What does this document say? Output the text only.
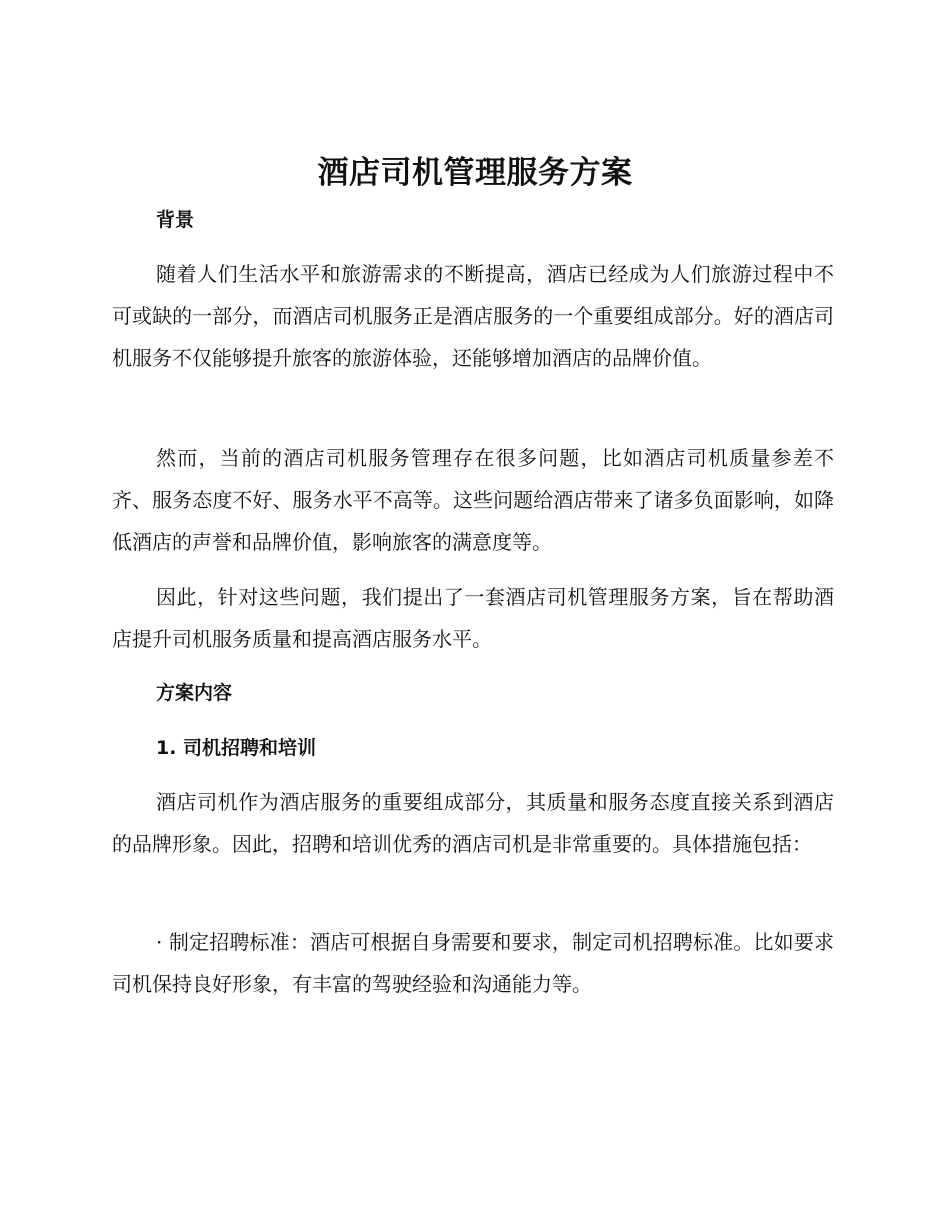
酒店司机管理服务方案
背景

随着人们生活水平和旅游需求的不断提高，酒店已经成为人们旅游过程中不可或缺的一部分，而酒店司机服务正是酒店服务的一个重要组成部分。好的酒店司机服务不仅能够提升旅客的旅游体验，还能够增加酒店的品牌价值。

然而，当前的酒店司机服务管理存在很多问题，比如酒店司机质量参差不齐、服务态度不好、服务水平不高等。这些问题给酒店带来了诸多负面影响，如降低酒店的声誉和品牌价值，影响旅客的满意度等。

因此，针对这些问题，我们提出了一套酒店司机管理服务方案，旨在帮助酒店提升司机服务质量和提高酒店服务水平。

方案内容
1. 司机招聘和培训

酒店司机作为酒店服务的重要组成部分，其质量和服务态度直接关系到酒店的品牌形象。因此，招聘和培训优秀的酒店司机是非常重要的。具体措施包括：

· 制定招聘标准：酒店可根据自身需要和要求，制定司机招聘标准。比如要求司机保持良好形象，有丰富的驾驶经验和沟通能力等。
